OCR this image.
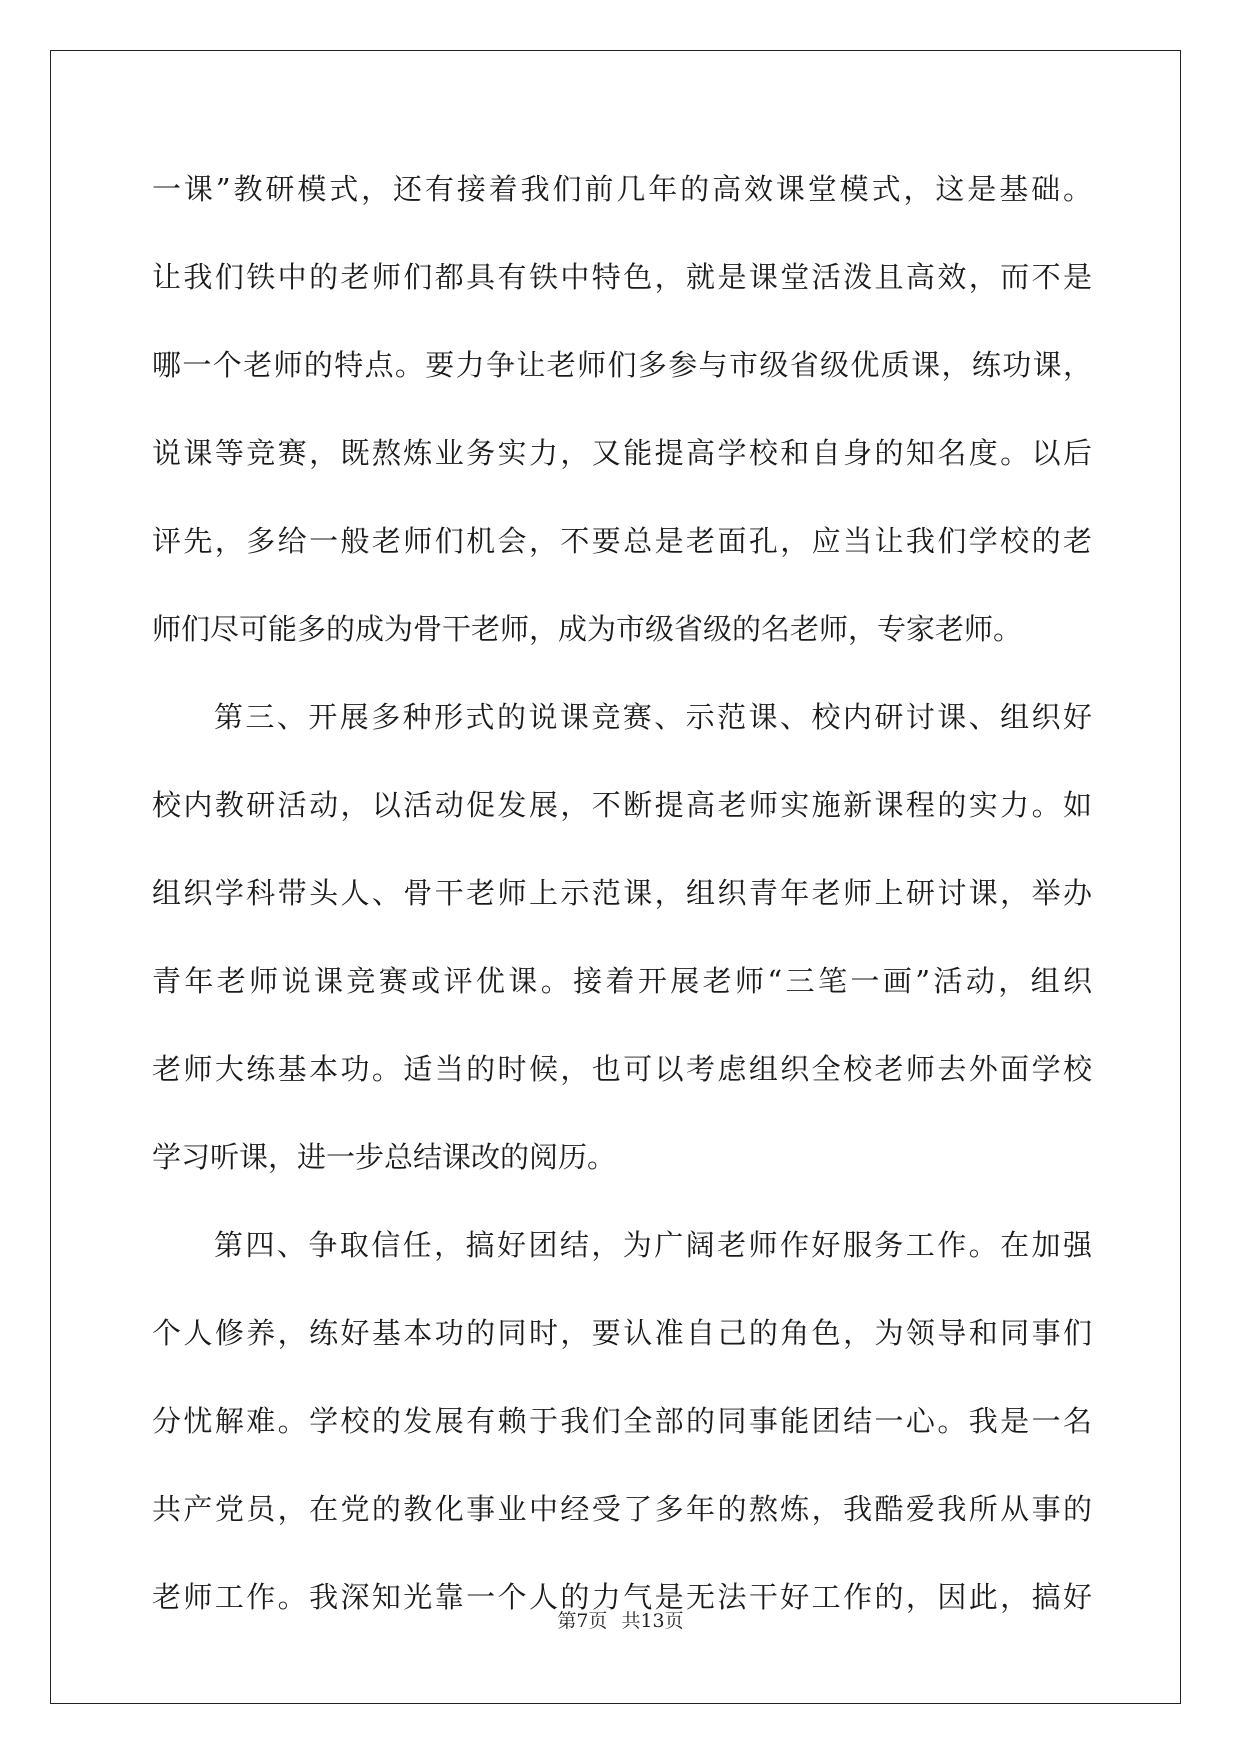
一课”教研模式，还有接着我们前几年的高效课堂模式，这是基础。
让我们铁中的老师们都具有铁中特色，就是课堂活泼且高效，而不是
哪一个老师的特点。要力争让老师们多参与市级省级优质课，练功课，
说课等竞赛，既熬炼业务实力，又能提高学校和自身的知名度。以后
评先，多给一般老师们机会，不要总是老面孔，应当让我们学校的老
师们尽可能多的成为骨干老师，成为市级省级的名老师，专家老师。
第三、开展多种形式的说课竞赛、示范课、校内研讨课、组织好
校内教研活动，以活动促发展，不断提高老师实施新课程的实力。如
组织学科带头人、骨干老师上示范课，组织青年老师上研讨课，举办
青年老师说课竞赛或评优课。接着开展老师“三笔一画”活动，组织
老师大练基本功。适当的时候，也可以考虑组织全校老师去外面学校
学习听课，进一步总结课改的阅历。
第四、争取信任，搞好团结，为广阔老师作好服务工作。在加强
个人修养，练好基本功的同时，要认准自己的角色，为领导和同事们
分忧解难。学校的发展有赖于我们全部的同事能团结一心。我是一名
共产党员，在党的教化事业中经受了多年的熬炼，我酷爱我所从事的
老师工作。我深知光靠一个人的力气是无法干好工作的，因此，搞好
第7页 共13页
